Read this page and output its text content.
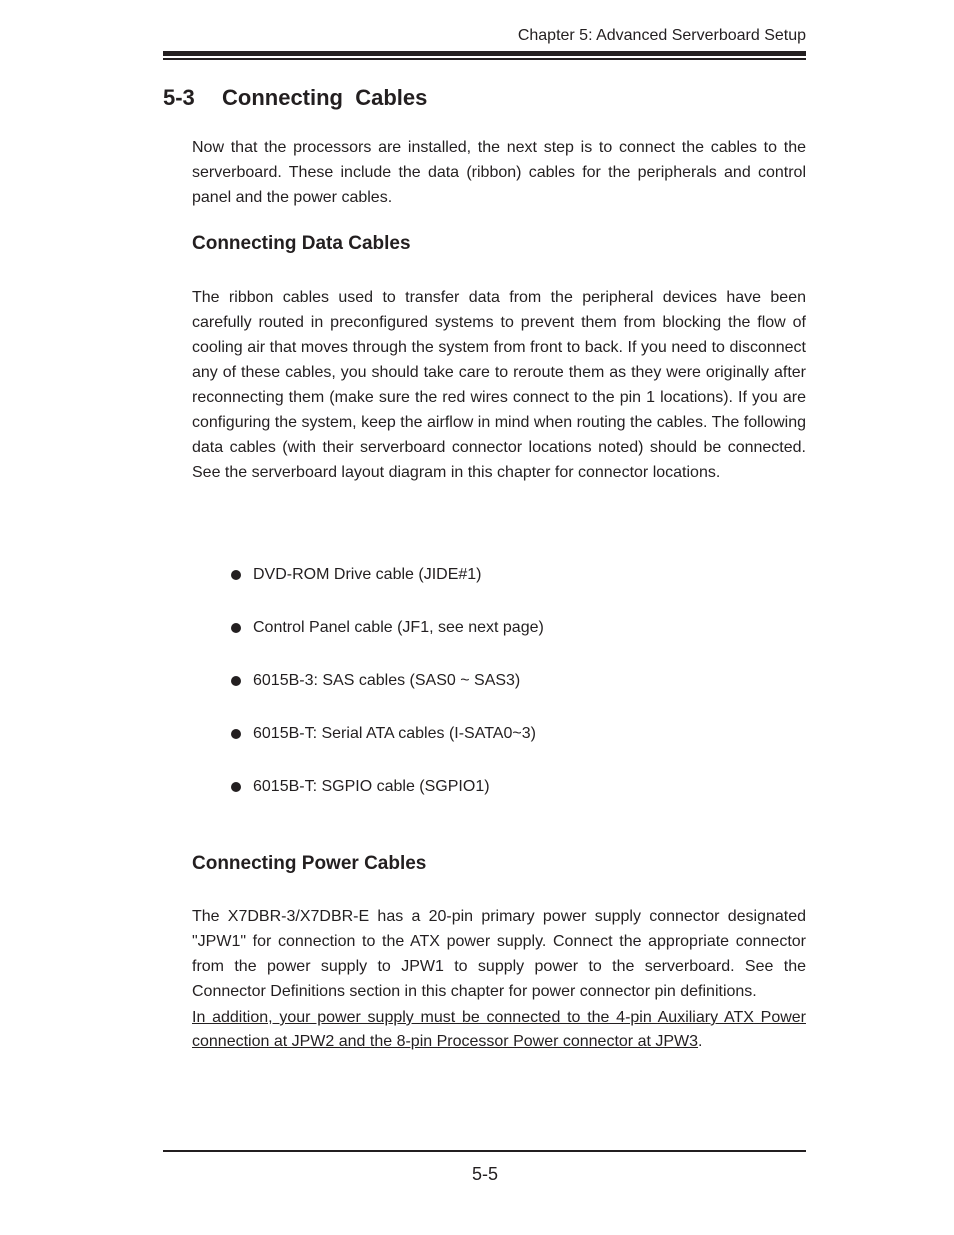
Chapter 5: Advanced Serverboard Setup
5-3 Connecting  Cables

Now that the processors are installed, the next step is to connect the cables to the serverboard. These include the data (ribbon) cables for the peripherals and control panel and the power cables.

Connecting Data Cables

The ribbon cables used to transfer data from the peripheral devices have been carefully routed in preconfigured systems to prevent them from blocking the flow of cooling air that moves through the system from front to back. If you need to disconnect any of these cables, you should take care to reroute them as they were originally after reconnecting them (make sure the red wires connect to the pin 1 locations). If you are configuring the system, keep the airflow in mind when routing the cables. The following data cables (with their serverboard connector locations noted) should be connected. See the serverboard layout diagram in this chapter for connector locations.

DVD-ROM Drive cable (JIDE#1)
Control Panel cable (JF1, see next page)
6015B-3: SAS cables (SAS0 ~ SAS3)
6015B-T: Serial ATA cables (I-SATA0~3)
6015B-T: SGPIO cable (SGPIO1)
Connecting Power Cables

The X7DBR-3/X7DBR-E has a 20-pin primary power supply connector designated "JPW1" for connection to the ATX power supply. Connect the appropriate connector from the power supply to JPW1 to supply power to the serverboard. See the Connector Definitions section in this chapter for power connector pin definitions.

In addition, your power supply must be connected to the 4-pin Auxiliary ATX Power connection at JPW2 and the 8-pin Processor Power connector at JPW3.

5-5
